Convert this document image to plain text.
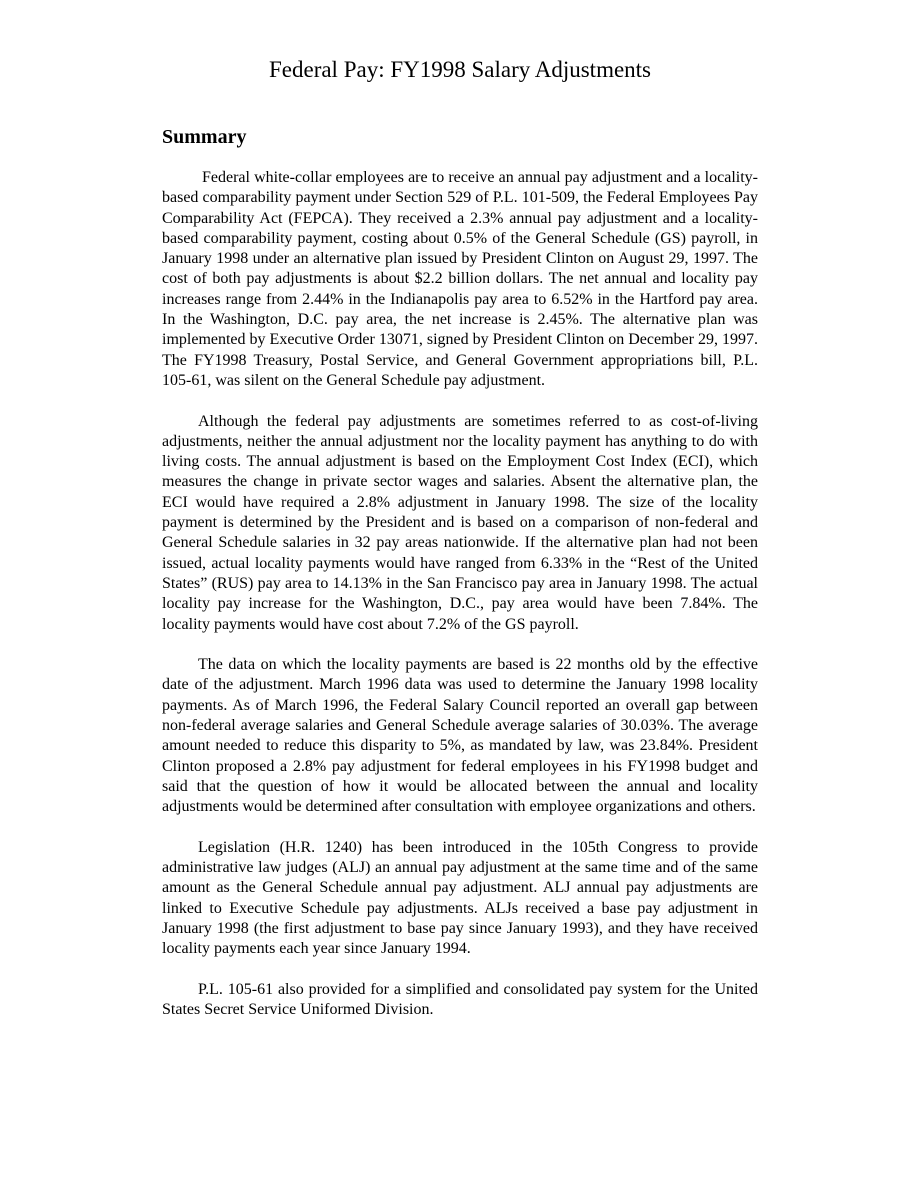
Federal Pay: FY1998 Salary Adjustments
Summary

Federal white-collar employees are to receive an annual pay adjustment and a locality-based comparability payment under Section 529 of P.L. 101-509, the Federal Employees Pay Comparability Act (FEPCA). They received a 2.3% annual pay adjustment and a locality-based comparability payment, costing about 0.5% of the General Schedule (GS) payroll, in January 1998 under an alternative plan issued by President Clinton on August 29, 1997. The cost of both pay adjustments is about $2.2 billion dollars. The net annual and locality pay increases range from 2.44% in the Indianapolis pay area to 6.52% in the Hartford pay area. In the Washington, D.C. pay area, the net increase is 2.45%. The alternative plan was implemented by Executive Order 13071, signed by President Clinton on December 29, 1997. The FY1998 Treasury, Postal Service, and General Government appropriations bill, P.L. 105-61, was silent on the General Schedule pay adjustment.

Although the federal pay adjustments are sometimes referred to as cost-of-living adjustments, neither the annual adjustment nor the locality payment has anything to do with living costs. The annual adjustment is based on the Employment Cost Index (ECI), which measures the change in private sector wages and salaries. Absent the alternative plan, the ECI would have required a 2.8% adjustment in January 1998. The size of the locality payment is determined by the President and is based on a comparison of non-federal and General Schedule salaries in 32 pay areas nationwide. If the alternative plan had not been issued, actual locality payments would have ranged from 6.33% in the “Rest of the United States” (RUS) pay area to 14.13% in the San Francisco pay area in January 1998. The actual locality pay increase for the Washington, D.C., pay area would have been 7.84%. The locality payments would have cost about 7.2% of the GS payroll.

The data on which the locality payments are based is 22 months old by the effective date of the adjustment. March 1996 data was used to determine the January 1998 locality payments. As of March 1996, the Federal Salary Council reported an overall gap between non-federal average salaries and General Schedule average salaries of 30.03%. The average amount needed to reduce this disparity to 5%, as mandated by law, was 23.84%. President Clinton proposed a 2.8% pay adjustment for federal employees in his FY1998 budget and said that the question of how it would be allocated between the annual and locality adjustments would be determined after consultation with employee organizations and others.

Legislation (H.R. 1240) has been introduced in the 105th Congress to provide administrative law judges (ALJ) an annual pay adjustment at the same time and of the same amount as the General Schedule annual pay adjustment. ALJ annual pay adjustments are linked to Executive Schedule pay adjustments. ALJs received a base pay adjustment in January 1998 (the first adjustment to base pay since January 1993), and they have received locality payments each year since January 1994.

P.L. 105-61 also provided for a simplified and consolidated pay system for the United States Secret Service Uniformed Division.
